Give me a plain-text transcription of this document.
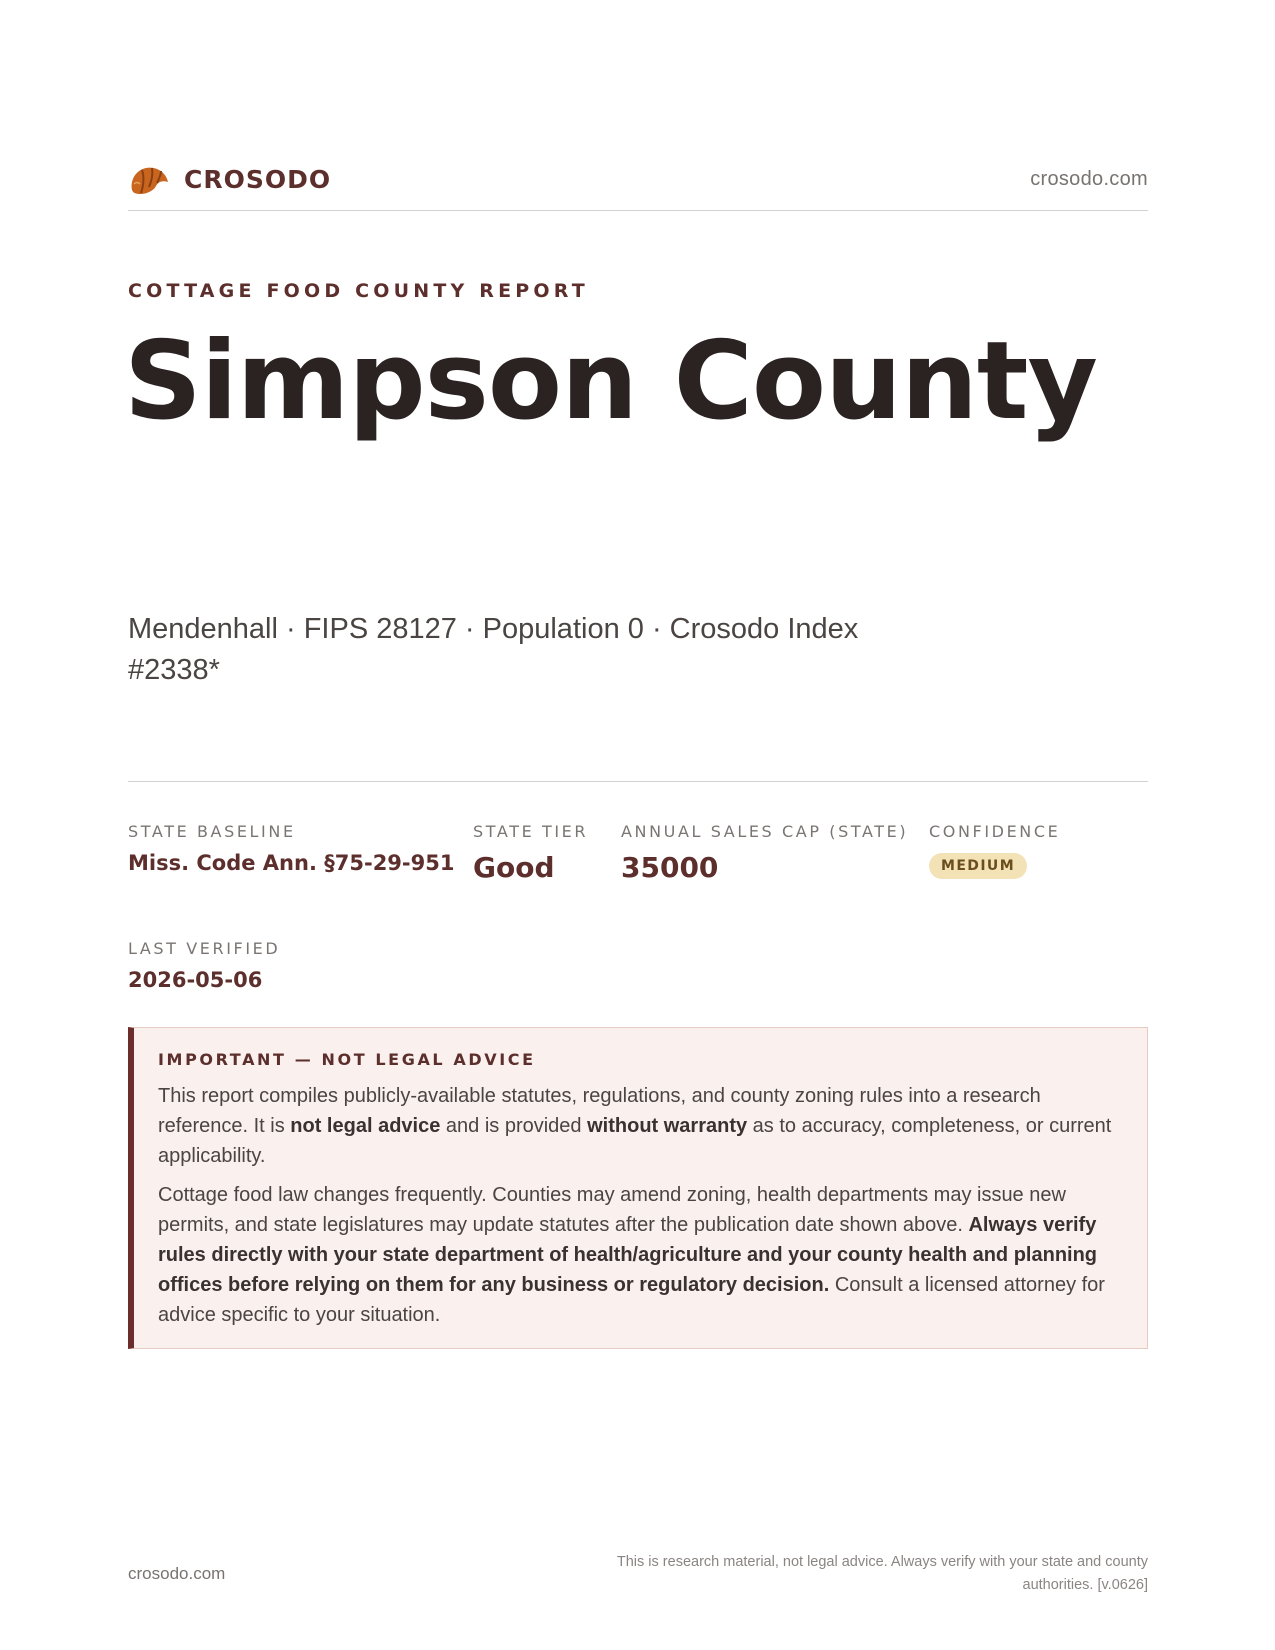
CROSODO	crosodo.com
COTTAGE FOOD COUNTY REPORT
Simpson County
Mendenhall · FIPS 28127 · Population 0 · Crosodo Index #2338*
STATE BASELINE
Miss. Code Ann. §75-29-951
STATE TIER
Good
ANNUAL SALES CAP (STATE)
35000
CONFIDENCE
MEDIUM
LAST VERIFIED
2026-05-06
IMPORTANT — NOT LEGAL ADVICE

This report compiles publicly-available statutes, regulations, and county zoning rules into a research reference. It is not legal advice and is provided without warranty as to accuracy, completeness, or current applicability.

Cottage food law changes frequently. Counties may amend zoning, health departments may issue new permits, and state legislatures may update statutes after the publication date shown above. Always verify rules directly with your state department of health/agriculture and your county health and planning offices before relying on them for any business or regulatory decision. Consult a licensed attorney for advice specific to your situation.

crosodo.com
This is research material, not legal advice. Always verify with your state and county authorities. [v.0626]
